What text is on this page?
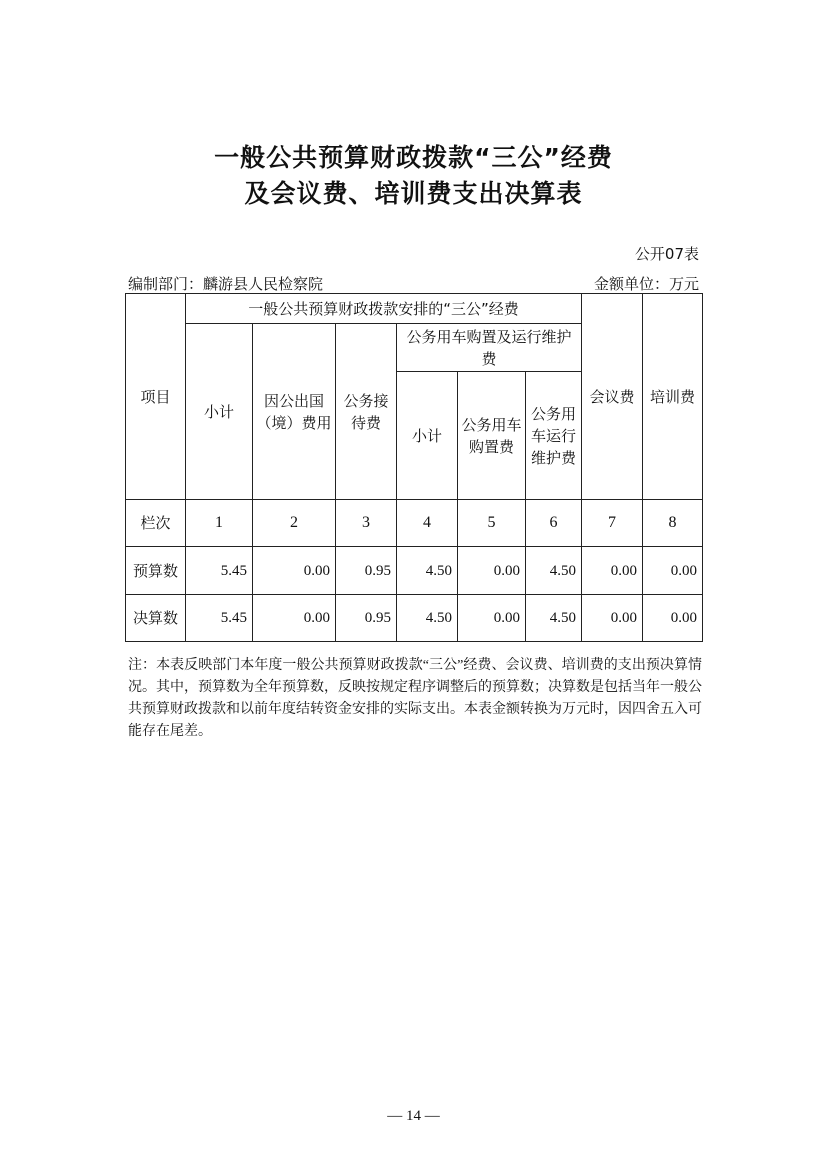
一般公共预算财政拨款“三公”经费
及会议费、培训费支出决算表
公开07表
编制部门：麟游县人民检察院	金额单位：万元
项目	一般公共预算财政拨款安排的“三公”经费						会议费	培训费
	小计	因公出国（境）费用	公务接待费	公务用车购置及运行维护费				
				小计	公务用车购置费	公务用车运行维护费		
栏次	1	2	3	4	5	6	7	8
预算数	5.45	0.00	0.95	4.50	0.00	4.50	0.00	0.00
决算数	5.45	0.00	0.95	4.50	0.00	4.50	0.00	0.00
注：本表反映部门本年度一般公共预算财政拨款“三公”经费、会议费、培训费的支出预决算情况。其中，预算数为全年预算数，反映按规定程序调整后的预算数；决算数是包括当年一般公共预算财政拨款和以前年度结转资金安排的实际支出。本表金额转换为万元时，因四舍五入可能存在尾差。
— 14 —
